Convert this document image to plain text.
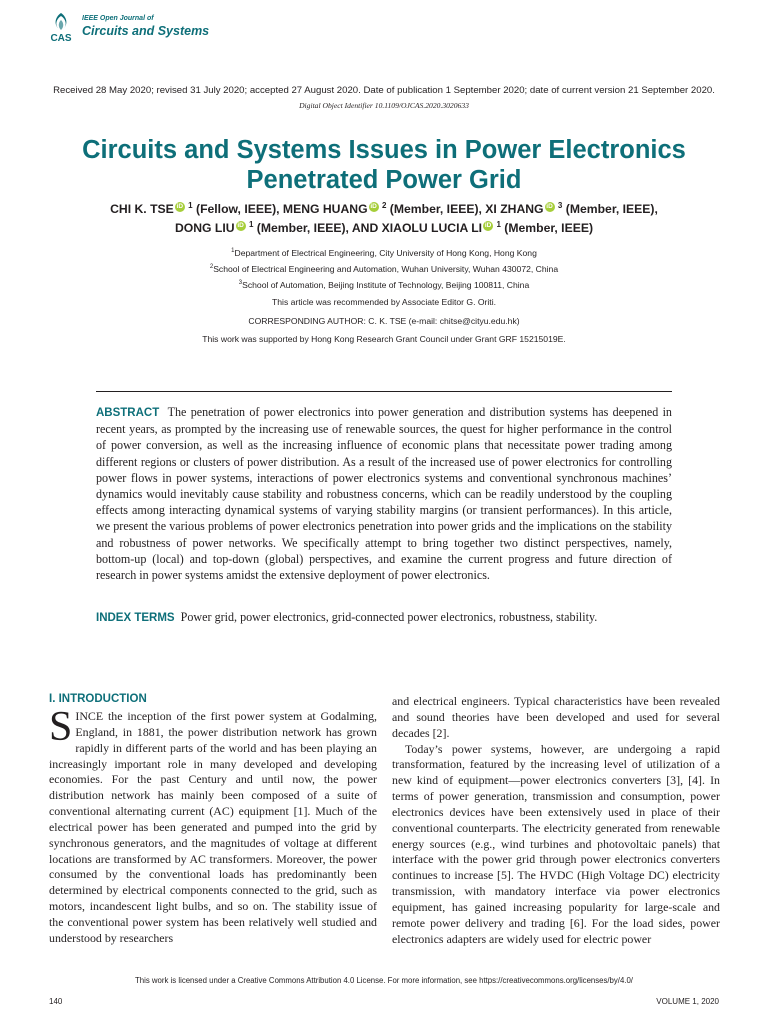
CAS
IEEE Open Journal of
Circuits and Systems
Received 28 May 2020; revised 31 July 2020; accepted 27 August 2020. Date of publication 1 September 2020; date of current version 21 September 2020.
Digital Object Identifier 10.1109/OJCAS.2020.3020633
Circuits and Systems Issues in Power Electronics Penetrated Power Grid
CHI K. TSE iD $^1$ (Fellow, IEEE), MENG HUANG iD $^2$ (Member, IEEE), XI ZHANG iD $^3$ (Member, IEEE),
DONG LIU iD $^1$ (Member, IEEE), AND XIAOLU LUCIA LI iD $^1$ (Member, IEEE)
$^1$Department of Electrical Engineering, City University of Hong Kong, Hong Kong
$^2$School of Electrical Engineering and Automation, Wuhan University, Wuhan 430072, China
$^3$School of Automation, Beijing Institute of Technology, Beijing 100811, China
This article was recommended by Associate Editor G. Oriti.
CORRESPONDING AUTHOR: C. K. TSE (e-mail: chitse@cityu.edu.hk)
This work was supported by Hong Kong Research Grant Council under Grant GRF 15215019E.
ABSTRACT The penetration of power electronics into power generation and distribution systems has deepened in recent years, as prompted by the increasing use of renewable sources, the quest for higher performance in the control of power conversion, as well as the increasing influence of economic plans that necessitate power trading among different regions or clusters of power distribution. As a result of the increased use of power electronics for controlling power flows in power systems, interactions of power electronics systems and conventional synchronous machines’ dynamics would inevitably cause stability and robustness concerns, which can be readily understood by the coupling effects among interacting dynamical systems of varying stability margins (or transient performances). In this article, we present the various problems of power electronics penetration into power grids and the implications on the stability and robustness of power networks. We specifically attempt to bring together two distinct perspectives, namely, bottom-up (local) and top-down (global) perspectives, and examine the current progress and future direction of research in power systems amidst the extensive deployment of power electronics.
INDEX TERMS Power grid, power electronics, grid-connected power electronics, robustness, stability.
I. INTRODUCTION

SINCE the inception of the first power system at Godalming, England, in 1881, the power distribution network has grown rapidly in different parts of the world and has been playing an increasingly important role in many developed and developing economies. For the past Century and until now, the power distribution network has mainly been composed of a suite of conventional alternating current (AC) equipment [1]. Much of the electrical power has been generated and pumped into the grid by synchronous generators, and the magnitudes of voltage at different locations are transformed by AC transformers. Moreover, the power consumed by the conventional loads has predominantly been determined by electrical components connected to the grid, such as motors, incandescent light bulbs, and so on. The stability issue of the conventional power system has been relatively well studied and understood by researchers

and electrical engineers. Typical characteristics have been revealed and sound theories have been developed and used for several decades [2].

Today’s power systems, however, are undergoing a rapid transformation, featured by the increasing level of utilization of a new kind of equipment—power electronics converters [3], [4]. In terms of power generation, transmission and consumption, power electronics devices have been extensively used in place of their conventional counterparts. The electricity generated from renewable energy sources (e.g., wind turbines and photovoltaic panels) that interface with the power grid through power electronics converters continues to increase [5]. The HVDC (High Voltage DC) electricity transmission, with mandatory interface via power electronics equipment, has gained increasing popularity for large-scale and remote power delivery and trading [6]. For the load sides, power electronics adapters are widely used for electric power

This work is licensed under a Creative Commons Attribution 4.0 License. For more information, see https://creativecommons.org/licenses/by/4.0/
140	VOLUME 1, 2020
